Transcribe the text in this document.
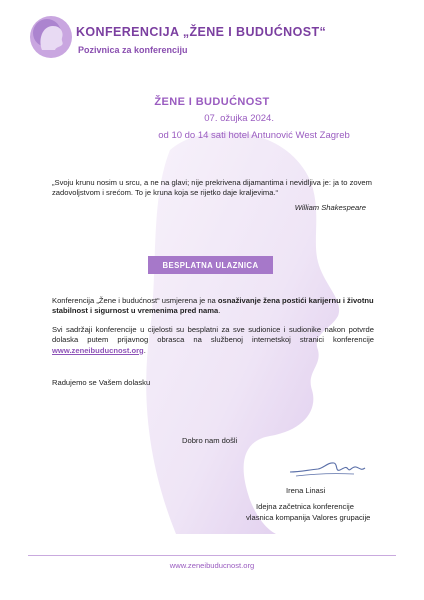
KONFERENCIJA „ŽENE I BUDUĆNOST“
Pozivnica za konferenciju
ŽENE I BUDUĆNOST
07. ožujka 2024.
od 10 do 14 sati hotel Antunović West Zagreb
„Svoju krunu nosim u srcu, a ne na glavi; nije prekrivena dijamantima i nevidljiva je: ja to zovem zadovoljstvom i srećom. To je kruna koja se rijetko daje kraljevima.“
William Shakespeare
BESPLATNA ULAZNICA
Konferencija „Žene i budućnost“ usmjerena je na osnaživanje žena postići karijernu i životnu stabilnost i sigurnost u vremenima pred nama.
Svi sadržaji konferencije u cijelosti su besplatni za sve sudionice i sudionike nakon potvrde dolaska putem prijavnog obrasca na službenoj internetskoj stranici konferencije www.zeneibuducnost.org.
Radujemo se Vašem dolasku
Dobro nam došli
Irena Linasi
Idejna začetnica konferencije
vlasnica kompanija Valores grupacije
www.zeneibuducnost.org
